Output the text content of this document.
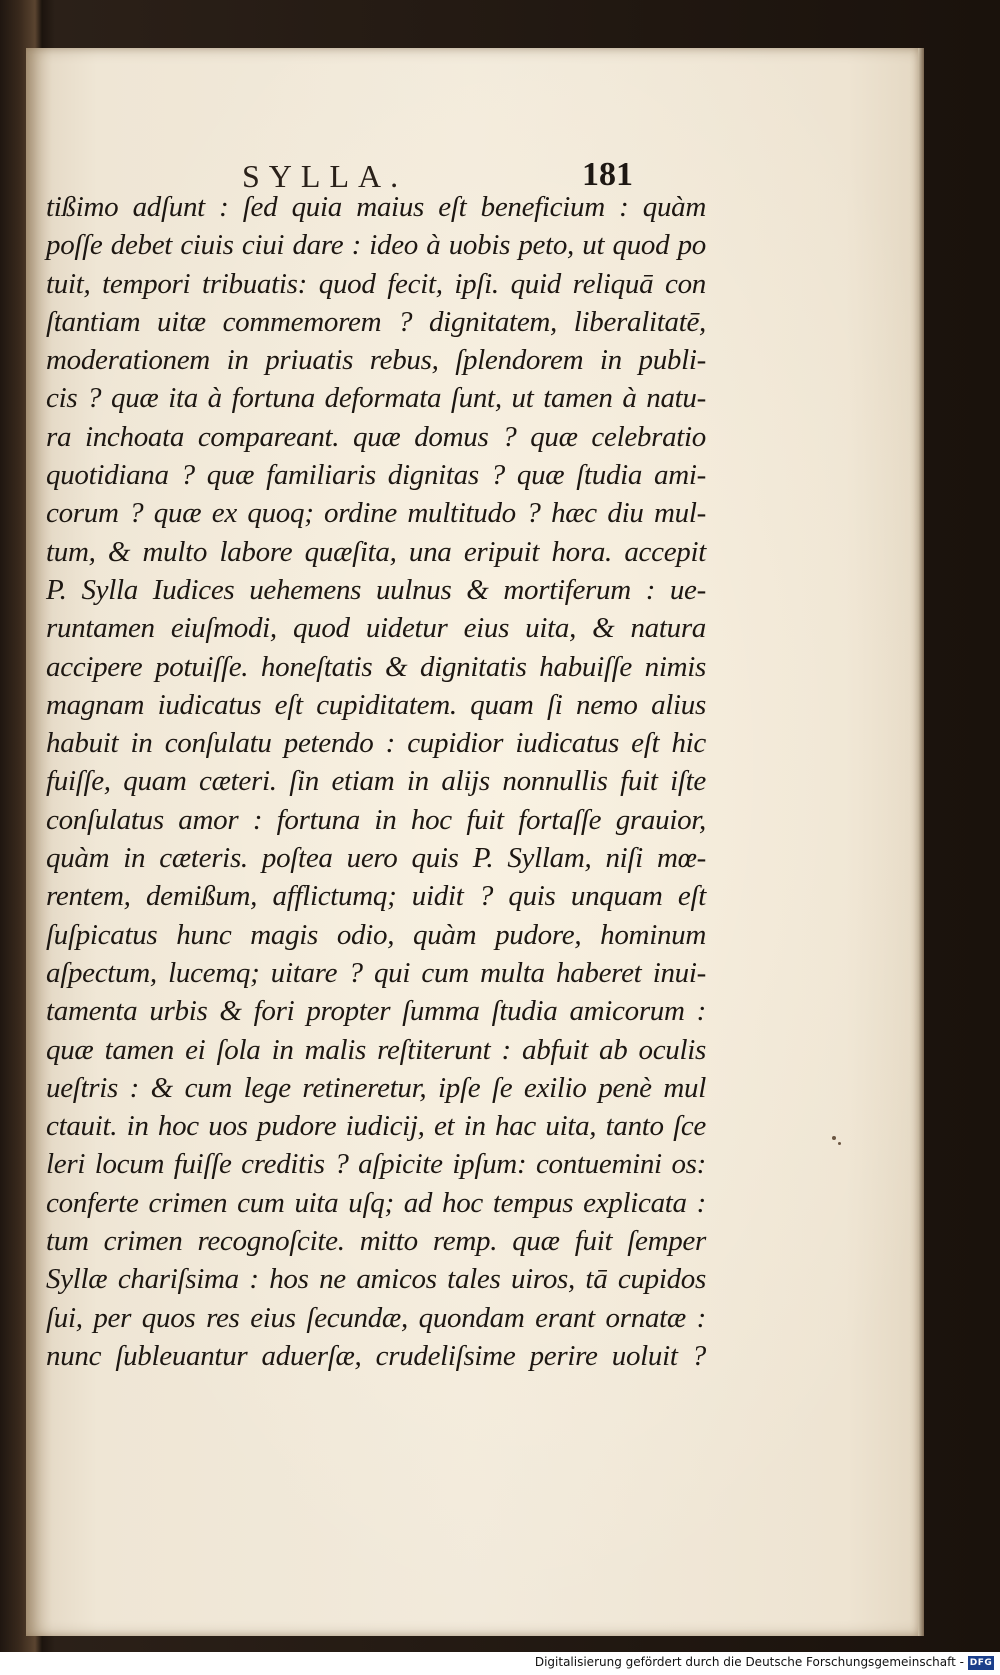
SYLLA.	181
tißimo adſunt : ſed quia maius eſt beneficium : quàm
poſſe debet ciuis ciui dare : ideo à uobis peto, ut quod po
tuit, tempori tribuatis: quod fecit, ipſi. quid reliquā con
ſtantiam uitæ commemorem ? dignitatem, liberalitatē,
moderationem in priuatis rebus, ſplendorem in publi-
cis ? quæ ita à fortuna deformata ſunt, ut tamen à natu-
ra inchoata compareant. quæ domus ? quæ celebratio
quotidiana ? quæ familiaris dignitas ? quæ ſtudia ami-
corum ? quæ ex quoq; ordine multitudo ? hæc diu mul-
tum, & multo labore quæſita, una eripuit hora. accepit
P. Sylla Iudices uehemens uulnus & mortiferum : ue-
runtamen eiuſmodi, quod uidetur eius uita, & natura
accipere potuiſſe. honeſtatis & dignitatis habuiſſe nimis
magnam iudicatus eſt cupiditatem. quam ſi nemo alius
habuit in conſulatu petendo : cupidior iudicatus eſt hic
fuiſſe, quam cæteri. ſin etiam in alijs nonnullis fuit iſte
conſulatus amor : fortuna in hoc fuit fortaſſe grauior,
quàm in cæteris. poſtea uero quis P. Syllam, niſi mœ-
rentem, demißum, afflictumq; uidit ? quis unquam eſt
ſuſpicatus hunc magis odio, quàm pudore, hominum
aſpectum, lucemq; uitare ? qui cum multa haberet inui-
tamenta urbis & fori propter ſumma ſtudia amicorum :
quæ tamen ei ſola in malis reſtiterunt : abfuit ab oculis
ueſtris : & cum lege retineretur, ipſe ſe exilio penè mul
ctauit. in hoc uos pudore iudicij, et in hac uita, tanto ſce
leri locum fuiſſe creditis ? aſpicite ipſum: contuemini os:
conferte crimen cum uita uſq; ad hoc tempus explicata :
tum crimen recognoſcite. mitto remp. quæ fuit ſemper
Syllæ chariſsima : hos ne amicos tales uiros, tā cupidos
ſui, per quos res eius ſecundæ, quondam erant ornatæ :
nunc ſubleuantur aduerſæ, crudeliſsime perire uoluit ?
Digitalisierung gefördert durch die Deutsche Forschungsgemeinschaft - DFG
